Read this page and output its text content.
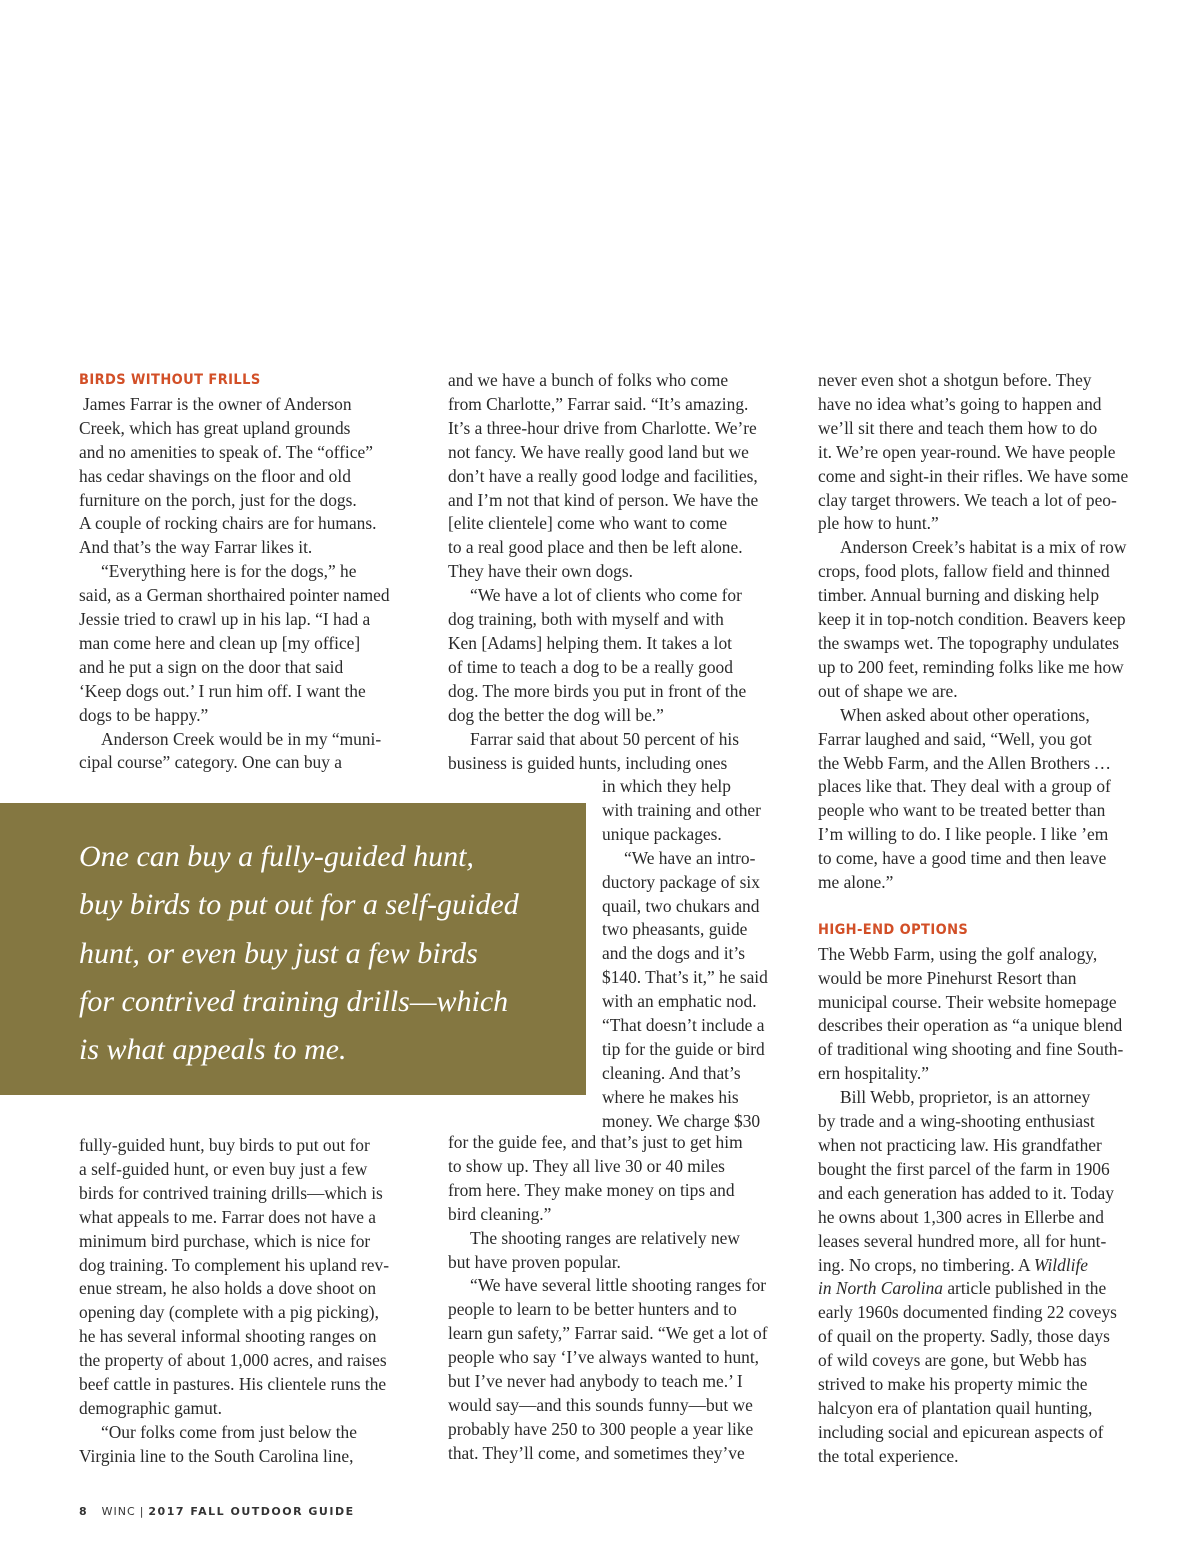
BIRDS WITHOUT FRILLS
James Farrar is the owner of Anderson
Creek, which has great upland grounds
and no amenities to speak of. The “office”
has cedar shavings on the floor and old
furniture on the porch, just for the dogs.
A couple of rocking chairs are for humans.
And that’s the way Farrar likes it.
“Everything here is for the dogs,” he
said, as a German shorthaired pointer named
Jessie tried to crawl up in his lap. “I had a
man come here and clean up [my office]
and he put a sign on the door that said
‘Keep dogs out.’ I run him off. I want the
dogs to be happy.”
Anderson Creek would be in my “muni-
cipal course” category. One can buy a
fully-guided hunt, buy birds to put out for
a self-guided hunt, or even buy just a few
birds for contrived training drills—which is
what appeals to me. Farrar does not have a
minimum bird purchase, which is nice for
dog training. To complement his upland rev-
enue stream, he also holds a dove shoot on
opening day (complete with a pig picking),
he has several informal shooting ranges on
the property of about 1,000 acres, and raises
beef cattle in pastures. His clientele runs the
demographic gamut.
“Our folks come from just below the
Virginia line to the South Carolina line,
and we have a bunch of folks who come
from Charlotte,” Farrar said. “It’s amazing.
It’s a three-hour drive from Charlotte. We’re
not fancy. We have really good land but we
don’t have a really good lodge and facilities,
and I’m not that kind of person. We have the
[elite clientele] come who want to come
to a real good place and then be left alone.
They have their own dogs.
“We have a lot of clients who come for
dog training, both with myself and with
Ken [Adams] helping them. It takes a lot
of time to teach a dog to be a really good
dog. The more birds you put in front of the
dog the better the dog will be.”
Farrar said that about 50 percent of his
business is guided hunts, including ones
in which they help
with training and other
unique packages.
“We have an intro-
ductory package of six
quail, two chukars and
two pheasants, guide
and the dogs and it’s
$140. That’s it,” he said
with an emphatic nod.
“That doesn’t include a
tip for the guide or bird
cleaning. And that’s
where he makes his
money. We charge $30
for the guide fee, and that’s just to get him
to show up. They all live 30 or 40 miles
from here. They make money on tips and
bird cleaning.”
The shooting ranges are relatively new
but have proven popular.
“We have several little shooting ranges for
people to learn to be better hunters and to
learn gun safety,” Farrar said. “We get a lot of
people who say ‘I’ve always wanted to hunt,
but I’ve never had anybody to teach me.’ I
would say—and this sounds funny—but we
probably have 250 to 300 people a year like
that. They’ll come, and sometimes they’ve
never even shot a shotgun before. They
have no idea what’s going to happen and
we’ll sit there and teach them how to do
it. We’re open year-round. We have people
come and sight-in their rifles. We have some
clay target throwers. We teach a lot of peo-
ple how to hunt.”
Anderson Creek’s habitat is a mix of row
crops, food plots, fallow field and thinned
timber. Annual burning and disking help
keep it in top-notch condition. Beavers keep
the swamps wet. The topography undulates
up to 200 feet, reminding folks like me how
out of shape we are.
When asked about other operations,
Farrar laughed and said, “Well, you got
the Webb Farm, and the Allen Brothers …
places like that. They deal with a group of
people who want to be treated better than
I’m willing to do. I like people. I like ’em
to come, have a good time and then leave
me alone.”
HIGH-END OPTIONS
The Webb Farm, using the golf analogy,
would be more Pinehurst Resort than
municipal course. Their website homepage
describes their operation as “a unique blend
of traditional wing shooting and fine South-
ern hospitality.”
Bill Webb, proprietor, is an attorney
by trade and a wing-shooting enthusiast
when not practicing law. His grandfather
bought the first parcel of the farm in 1906
and each generation has added to it. Today
he owns about 1,300 acres in Ellerbe and
leases several hundred more, all for hunt-
ing. No crops, no timbering. A Wildlife
in North Carolina article published in the
early 1960s documented finding 22 coveys
of quail on the property. Sadly, those days
of wild coveys are gone, but Webb has
strived to make his property mimic the
halcyon era of plantation quail hunting,
including social and epicurean aspects of
the total experience.
One can buy a fully-guided hunt,
buy birds to put out for a self-guided
hunt, or even buy just a few birds
for contrived training drills—which
is what appeals to me.
8 WINC | 2017 FALL OUTDOOR GUIDE
